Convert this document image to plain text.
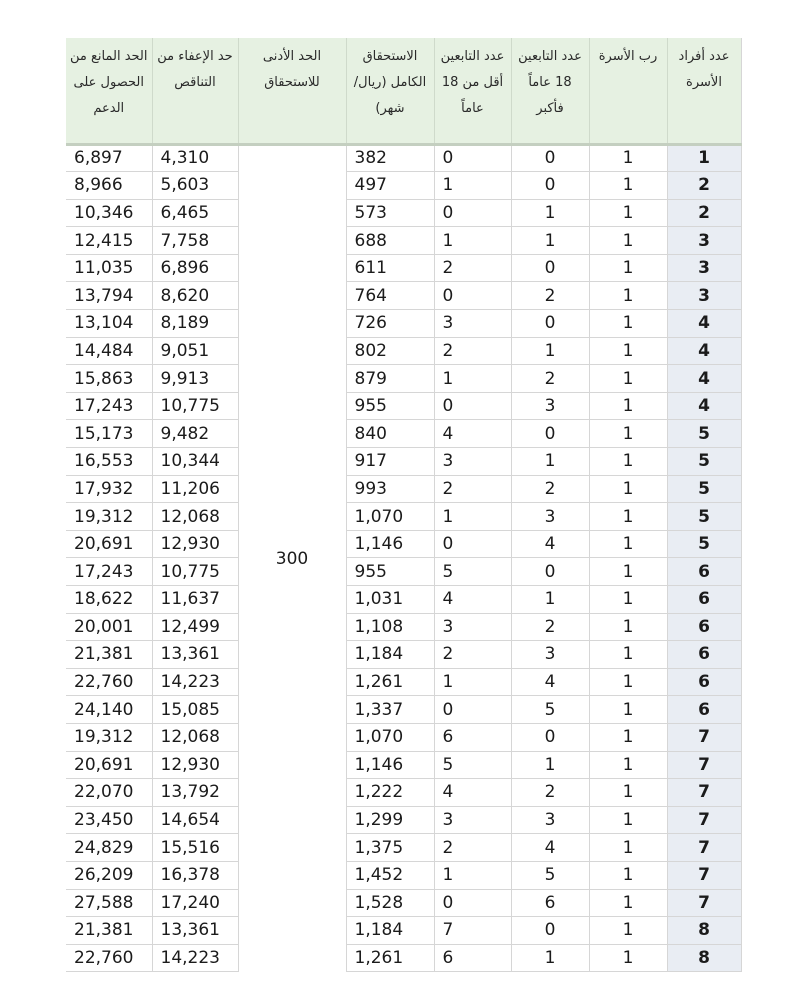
عدد أفراد الأسرة	رب الأسرة	عدد التابعين 18 عاماً فأكبر	عدد التابعين أقل من 18 عاماً	الاستحقاق الكامل (ريال/شهر)	الحد الأدنى للاستحقاق	حد الإعفاء من التناقص	الحد المانع من الحصول على الدعم
1	1	0	0	382	300	4,310	6,897
2	1	0	1	497		5,603	8,966
2	1	1	0	573		6,465	10,346
3	1	1	1	688		7,758	12,415
3	1	0	2	611		6,896	11,035
3	1	2	0	764		8,620	13,794
4	1	0	3	726		8,189	13,104
4	1	1	2	802		9,051	14,484
4	1	2	1	879		9,913	15,863
4	1	3	0	955		10,775	17,243
5	1	0	4	840		9,482	15,173
5	1	1	3	917		10,344	16,553
5	1	2	2	993		11,206	17,932
5	1	3	1	1,070		12,068	19,312
5	1	4	0	1,146		12,930	20,691
6	1	0	5	955		10,775	17,243
6	1	1	4	1,031		11,637	18,622
6	1	2	3	1,108		12,499	20,001
6	1	3	2	1,184		13,361	21,381
6	1	4	1	1,261		14,223	22,760
6	1	5	0	1,337		15,085	24,140
7	1	0	6	1,070		12,068	19,312
7	1	1	5	1,146		12,930	20,691
7	1	2	4	1,222		13,792	22,070
7	1	3	3	1,299		14,654	23,450
7	1	4	2	1,375		15,516	24,829
7	1	5	1	1,452		16,378	26,209
7	1	6	0	1,528		17,240	27,588
8	1	0	7	1,184		13,361	21,381
8	1	1	6	1,261		14,223	22,760
